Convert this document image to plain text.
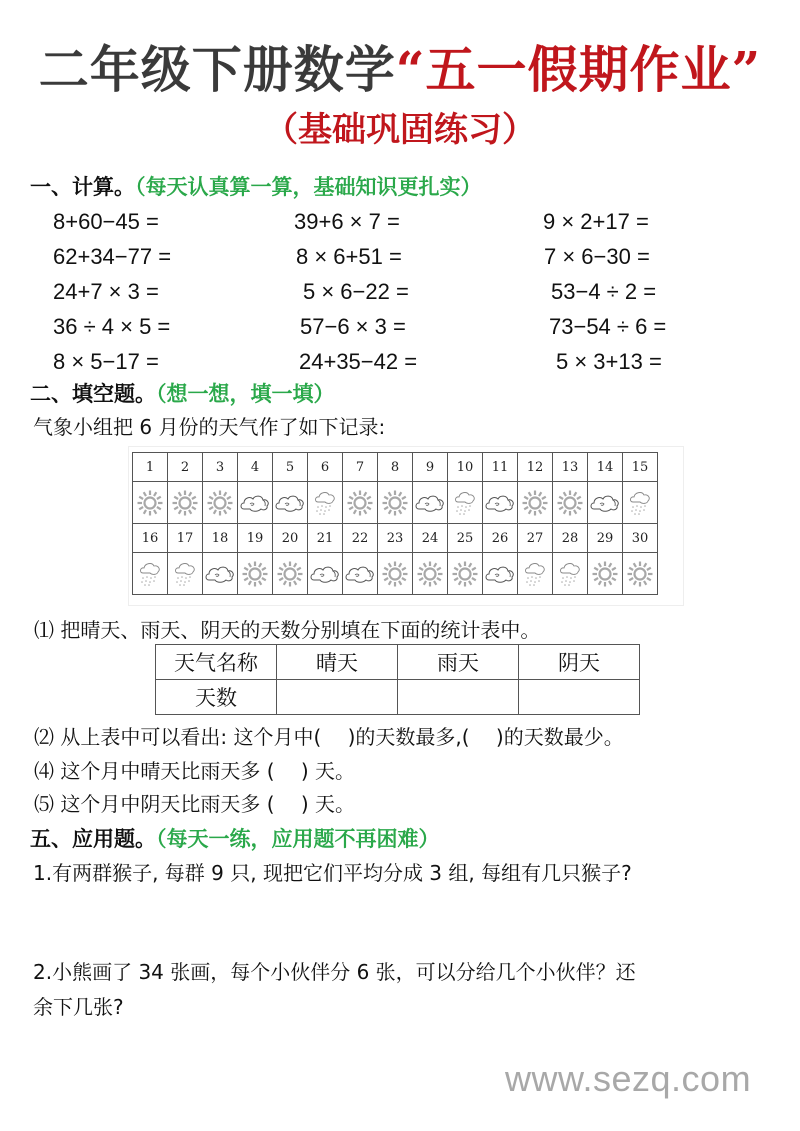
二年级下册数学“五一假期作业”
（基础巩固练习）
一、计算。（每天认真算一算，基础知识更扎实）
8+60−45 =	39+6 × 7 =	9 × 2+17 =
62+34−77 =	8 × 6+51 =	7 × 6−30 =
24+7 × 3 =	5 × 6−22 =	53−4 ÷ 2 =
36 ÷ 4 × 5 =	57−6 × 3 =	73−54 ÷ 6 =
8 × 5−17 =	24+35−42 =	5 × 3+13 =
二、填空题。（想一想，填一填）
气象小组把 6 月份的天气作了如下记录:
1	2	3	4	5	6	7	8	9	10	11	12	13	14	15

16	17	18	19	20	21	22	23	24	25	26	27	28	29	30

⑴ 把晴天、雨天、阴天的天数分别填在下面的统计表中。
天气名称	晴天	雨天	阴天
天数			
⑵ 从上表中可以看出: 这个月中(　 )的天数最多,(　 )的天数最少。
⑷ 这个月中晴天比雨天多 (　 ) 天。
⑸ 这个月中阴天比雨天多 (　 ) 天。
五、应用题。（每天一练，应用题不再困难）
1.有两群猴子, 每群 9 只, 现把它们平均分成 3 组, 每组有几只猴子?
2.小熊画了 34 张画，每个小伙伴分 6 张，可以分给几个小伙伴？还
余下几张?
www.sezq.com
